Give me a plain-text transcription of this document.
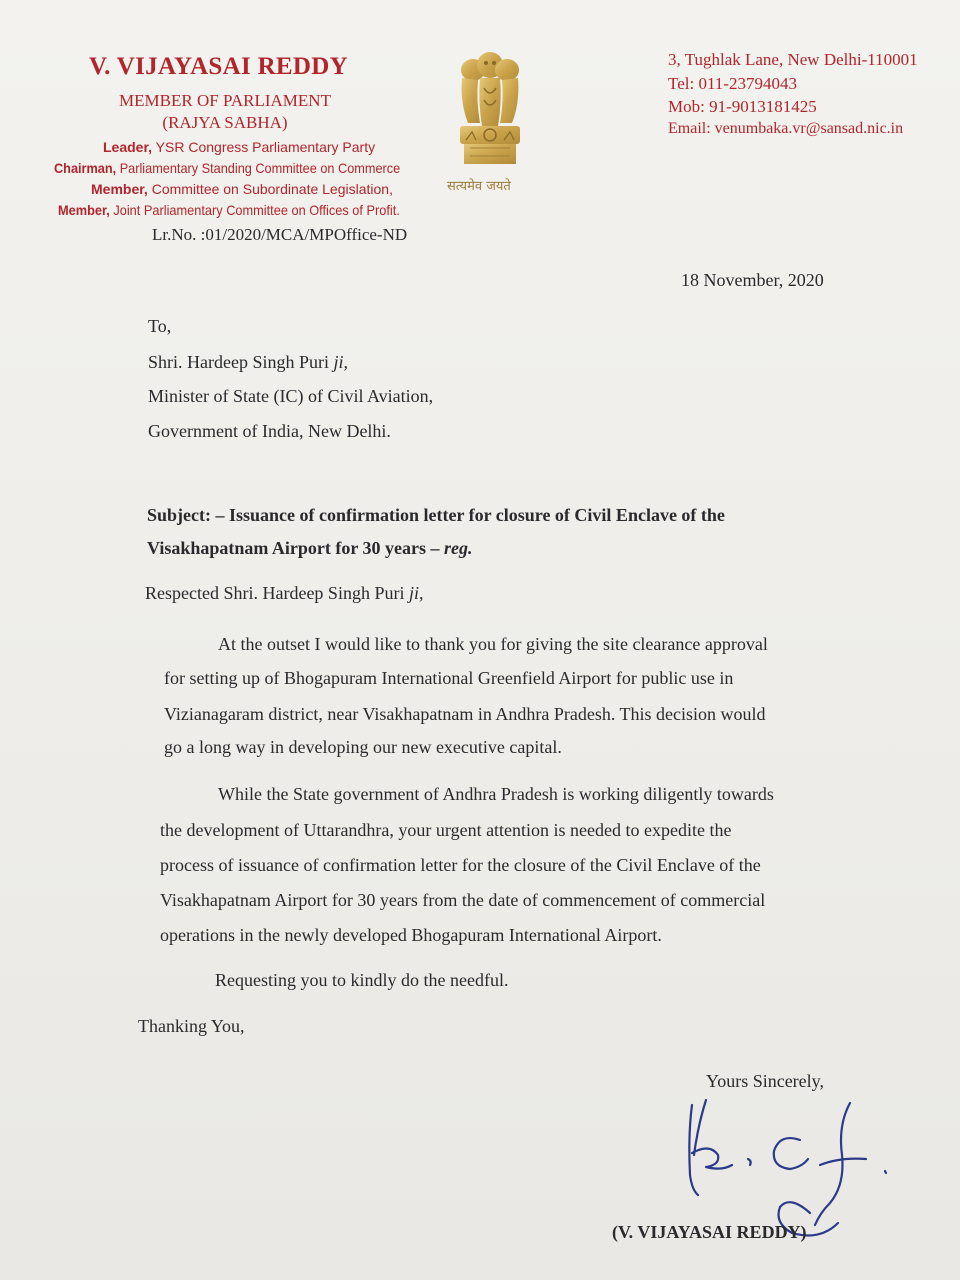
V. VIJAYASAI REDDY
MEMBER OF PARLIAMENT
(RAJYA SABHA)
Leader, YSR Congress Parliamentary Party
Chairman, Parliamentary Standing Committee on Commerce
Member, Committee on Subordinate Legislation,
Member, Joint Parliamentary Committee on Offices of Profit.
Lr.No. :01/2020/MCA/MPOffice-ND
सत्यमेव जयते
3, Tughlak Lane, New Delhi-110001
Tel: 011-23794043
Mob: 91-9013181425
Email: venumbaka.vr@sansad.nic.in
18 November, 2020
To,
Shri. Hardeep Singh Puri ji,
Minister of State (IC) of Civil Aviation,
Government of India, New Delhi.
Subject: – Issuance of confirmation letter for closure of Civil Enclave of the
Visakhapatnam Airport for 30 years – reg.
Respected Shri. Hardeep Singh Puri ji,
At the outset I would like to thank you for giving the site clearance approval
for setting up of Bhogapuram International Greenfield Airport for public use in
Vizianagaram district, near Visakhapatnam in Andhra Pradesh. This decision would
go a long way in developing our new executive capital.
While the State government of Andhra Pradesh is working diligently towards
the development of Uttarandhra, your urgent attention is needed to expedite the
process of issuance of confirmation letter for the closure of the Civil Enclave of the
Visakhapatnam Airport for 30 years from the date of commencement of commercial
operations in the newly developed Bhogapuram International Airport.
Requesting you to kindly do the needful.
Thanking You,
Yours Sincerely,
(V. VIJAYASAI REDDY)
